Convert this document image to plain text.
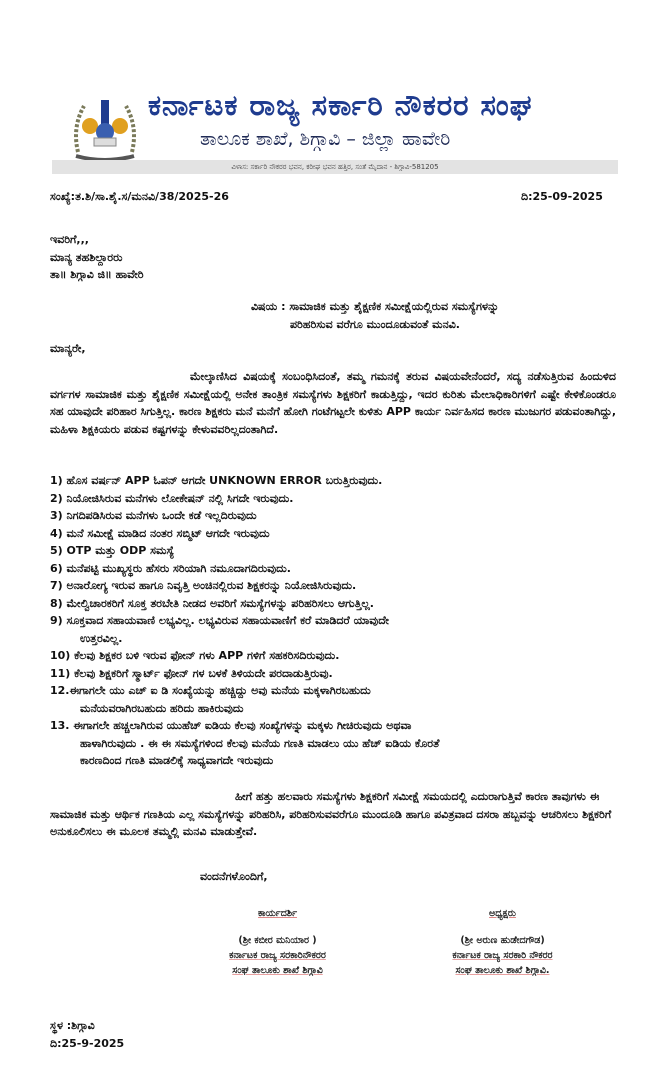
ಕರ್ನಾಟಕ ರಾಜ್ಯ ಸರ್ಕಾರಿ ನೌಕರರ ಸಂಘ
ತಾಲೂಕ ಶಾಖೆ, ಶಿಗ್ಗಾವಿ – ಜಿಲ್ಲಾ ಹಾವೇರಿ
ವಿಳಾಸ: ಸರ್ಕಾರಿ ನೌಕರರ ಭವನ, ಕರೀಘ ಭವನ ಹತ್ತಿರ, ಸಂತೆ ಮೈದಾನ - ಶಿಗ್ಗಾವಿ-581205
ಸಂಖ್ಯೆ:ತ.ಶಿ/ಸಾ.ಶೈ.ಸ/ಮನವಿ/38/2025-26	ದಿ:25-09-2025
ಇವರಿಗೆ,,,
ಮಾನ್ಯ ತಹಶಿಲ್ದಾರರು
ತಾ॥ ಶಿಗ್ಗಾವಿ ಜಿ॥ ಹಾವೇರಿ
ವಿಷಯ : ಸಾಮಾಜಿಕ ಮತ್ತು ಶೈಕ್ಷಣಿಕ ಸಮೀಕ್ಷೆಯಲ್ಲಿರುವ ಸಮಸ್ಯೆಗಳನ್ನು
ಪರಿಹರಿಸುವ ವರೆಗೂ ಮುಂದೂಡುವಂತೆ ಮನವಿ.
ಮಾನ್ಯರೇ,
ಮೇಲ್ಕಾಣಿಸಿದ ವಿಷಯಕ್ಕೆ ಸಂಬಂಧಿಸಿದಂತೆ, ತಮ್ಮ ಗಮನಕ್ಕೆ ತರುವ ವಿಷಯವೇನೆಂದರೆ, ಸದ್ಯ ನಡೆಸುತ್ತಿರುವ ಹಿಂದುಳಿದ ವರ್ಗಗಳ ಸಾಮಾಜಿಕ ಮತ್ತು ಶೈಕ್ಷಣಿಕ ಸಮೀಕ್ಷೆಯಲ್ಲಿ ಅನೇಕ ತಾಂತ್ರಿಕ ಸಮಸ್ಯೆಗಳು ಶಿಕ್ಷಕರಿಗೆ ಕಾಡುತ್ತಿದ್ದು, ಇದರ ಕುರಿತು ಮೇಲಾಧಿಕಾರಿಗಳಿಗೆ ಎಷ್ಟೇ ಕೇಳಿಕೊಂಡರೂ ಸಹ ಯಾವುದೇ ಪರಿಹಾರ ಸಿಗುತ್ತಿಲ್ಲ. ಕಾರಣ ಶಿಕ್ಷಕರು ಮನೆ ಮನೆಗೆ ಹೋಗಿ ಗಂಟೆಗಟ್ಟಲೇ ಕುಳಿತು APP ಕಾರ್ಯ ನಿರ್ವಹಿಸದ ಕಾರಣ ಮುಜುಗರ ಪಡುವಂತಾಗಿದ್ದು, ಮಹಿಳಾ ಶಿಕ್ಷಕಿಯರು ಪಡುವ ಕಷ್ಟಗಳನ್ನು ಕೇಳುವವರಿಲ್ಲದಂತಾಗಿದೆ.
1) ಹೊಸ ವರ್ಷನ್ APP ಓಪನ್ ಆಗದೇ UNKNOWN ERROR ಬರುತ್ತಿರುವುದು.
2) ನಿಯೋಜಿಸಿರುವ ಮನೆಗಳು ಲೋಕೇಷನ್ ನಲ್ಲಿ ಸಿಗದೇ ಇರುವುದು.
3) ನಿಗದಿಪಡಿಸಿರುವ ಮನೆಗಳು ಒಂದೇ ಕಡೆ ಇಲ್ಲದಿರುವುದು
4) ಮನೆ ಸಮೀಕ್ಷೆ ಮಾಡಿದ ನಂತರ ಸಬ್ಮಿಟ್ ಆಗದೇ ಇರುವುದು
5) OTP ಮತ್ತು ODP ಸಮಸ್ಯೆ
6) ಮನೆಪಟ್ಟಿ ಮುಖ್ಯಸ್ಥರು ಹೆಸರು ಸರಿಯಾಗಿ ನಮೂದಾಗದಿರುವುದು.
7) ಅನಾರೋಗ್ಯ ಇರುವ ಹಾಗೂ ನಿವೃತ್ತಿ ಅಂಚಿನಲ್ಲಿರುವ ಶಿಕ್ಷಕರನ್ನು ನಿಯೋಜಿಸಿರುವುದು.
8) ಮೇಲ್ವಿಚಾರಕರಿಗೆ ಸೂಕ್ತ ತರಬೇತಿ ನೀಡದ ಅವರಿಗೆ ಸಮಸ್ಯೆಗಳನ್ನು ಪರಿಹರಿಸಲು ಆಗುತ್ತಿಲ್ಲ.
9) ಸೂಕ್ತವಾದ ಸಹಾಯವಾಣಿ ಲಭ್ಯವಿಲ್ಲ. ಲಭ್ಯವಿರುವ ಸಹಾಯವಾಣಿಗೆ ಕರೆ ಮಾಡಿದರೆ ಯಾವುದೇ
ಉತ್ತರವಿಲ್ಲ.
10) ಕೆಲವು ಶಿಕ್ಷಕರ ಬಳಿ ಇರುವ ಫೋನ್ ಗಳು APP ಗಳಿಗೆ ಸಹಕರಿಸದಿರುವುದು.
11) ಕೆಲವು ಶಿಕ್ಷಕರಿಗೆ ಸ್ಮಾರ್ಟ್ ಫೋನ್ ಗಳ ಬಳಕೆ ತಿಳಿಯದೇ ಪರದಾಡುತ್ತಿರುವು.
12.ಈಗಾಗಲೇ ಯು ಎಚ್ ಐ ಡಿ ಸಂಖ್ಯೆಯನ್ನು ಹಚ್ಚಿದ್ದು ಅವು ಮನೆಯ ಮಕ್ಕಳಾಗಿರಬಹುದು
ಮನೆಯವರಾಗಿರಬಹುದು ಹರಿದು ಹಾಕಿರುವುದು
13. ಈಗಾಗಲೇ ಹಚ್ಚಲಾಗಿರುವ ಯುಹೆಚ್ ಐಡಿಯ ಕೆಲವು ಸಂಖ್ಯೆಗಳನ್ನು ಮಕ್ಕಳು ಗೀಚಿರುವುದು ಅಥವಾ
ಹಾಳಾಗಿರುವುದು . ಈ ಈ ಸಮಸ್ಯೆಗಳಿಂದ ಕೆಲವು ಮನೆಯ ಗಣತಿ ಮಾಡಲು ಯು ಹೆಚ್ ಐಡಿಯ ಕೊರತೆ
ಕಾರಣದಿಂದ ಗಣತಿ ಮಾಡಲಿಕ್ಕೆ ಸಾಧ್ಯವಾಗದೇ ಇರುವುದು
ಹೀಗೆ ಹತ್ತು ಹಲವಾರು ಸಮಸ್ಯೆಗಳು ಶಿಕ್ಷಕರಿಗೆ ಸಮೀಕ್ಷೆ ಸಮಯದಲ್ಲಿ ಎದುರಾಗುತ್ತಿವೆ ಕಾರಣ ತಾವುಗಳು ಈ ಸಾಮಾಜಿಕ ಮತ್ತು ಆರ್ಥಿಕ ಗಣತಿಯ ಎಲ್ಲ ಸಮಸ್ಯೆಗಳನ್ನು ಪರಿಹರಿಸಿ, ಪರಿಹರಿಸುವವರೆಗೂ ಮುಂದೂಡಿ ಹಾಗೂ ಪವಿತ್ರವಾದ ದಸರಾ ಹಬ್ಬವನ್ನು ಆಚರಿಸಲು ಶಿಕ್ಷಕರಿಗೆ ಅನುಕೂಲಿಸಲು ಈ ಮೂಲಕ ತಮ್ಮಲ್ಲಿ ಮನವಿ ಮಾಡುತ್ತೇವೆ.
ವಂದನೆಗಳೊಂದಿಗೆ,
ಕಾರ್ಯದರ್ಶಿ
(ಶ್ರೀ ಕಬೀರ ಮನಿಯಾರ )
ಕರ್ನಾಟಕ ರಾಜ್ಯ ಸರಕಾರಿನೌಕರರ
ಸಂಘ ತಾಲೂಕು ಶಾಖೆ ಶಿಗ್ಗಾವಿ
ಅಧ್ಯಕ್ಷರು
(ಶ್ರೀ ಅರುಣ ಹುಡೇದಗೌಡ)
ಕರ್ನಾಟಕ ರಾಜ್ಯ ಸರಕಾರಿ ನೌಕರರ
ಸಂಘ ತಾಲೂಕು ಶಾಖೆ ಶಿಗ್ಗಾವಿ.
ಸ್ಥಳ :ಶಿಗ್ಗಾವಿ
ದಿ:25-9-2025
